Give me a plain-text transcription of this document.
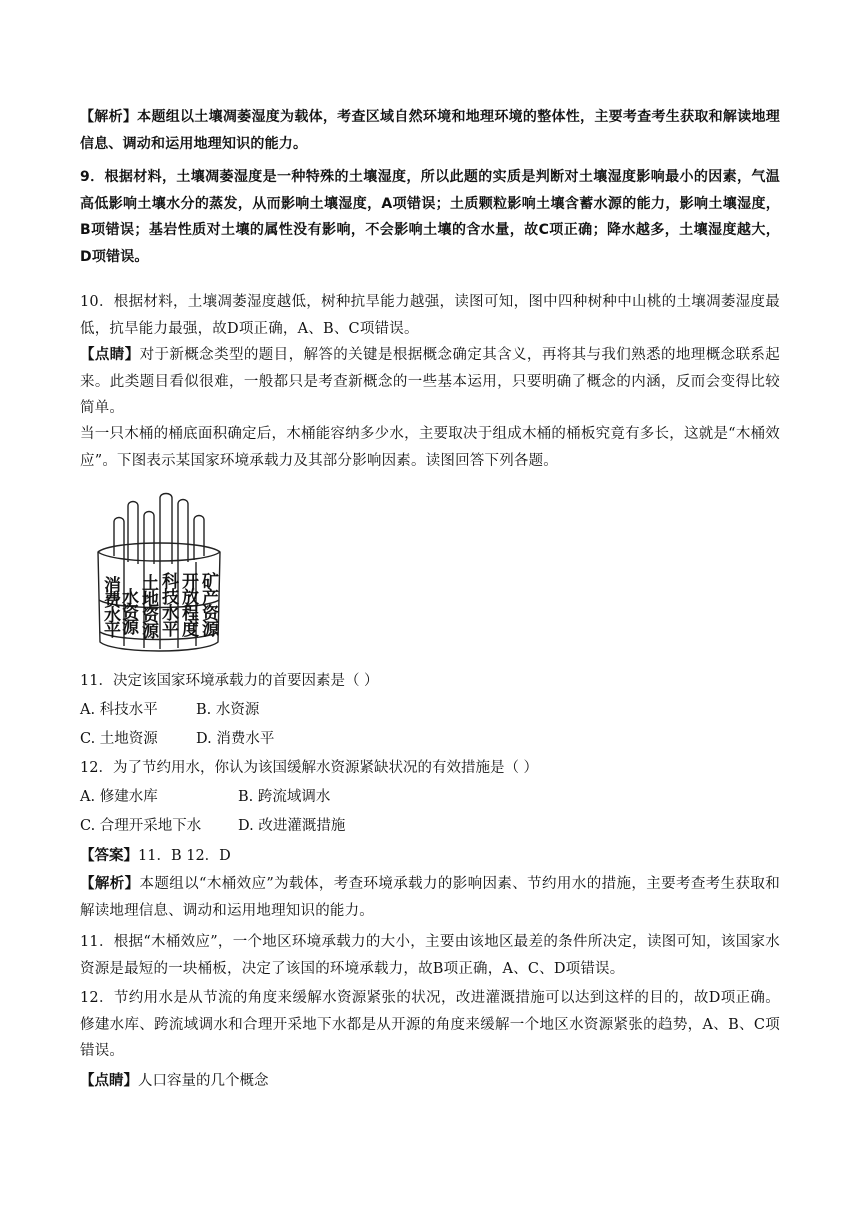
【解析】本题组以土壤凋萎湿度为载体，考查区域自然环境和地理环境的整体性，主要考查考生获取和解读地理信息、调动和运用地理知识的能力。

9．根据材料，土壤凋萎湿度是一种特殊的土壤湿度，所以此题的实质是判断对土壤湿度影响最小的因素，气温高低影响土壤水分的蒸发，从而影响土壤湿度，A项错误；土质颗粒影响土壤含蓄水源的能力，影响土壤湿度，B项错误；基岩性质对土壤的属性没有影响，不会影响土壤的含水量，故C项正确；降水越多，土壤湿度越大，D项错误。

10．根据材料，土壤凋萎湿度越低，树种抗旱能力越强，读图可知，图中四种树种中山桃的土壤凋萎湿度最低，抗旱能力最强，故D项正确，A、B、C项错误。

【点睛】对于新概念类型的题目，解答的关键是根据概念确定其含义，再将其与我们熟悉的地理概念联系起来。此类题目看似很难，一般都只是考查新概念的一些基本运用，只要明确了概念的内涵，反而会变得比较简单。

当一只木桶的桶底面积确定后，木桶能容纳多少水，主要取决于组成木桶的桶板究竟有多长，这就是“木桶效应”。下图表示某国家环境承载力及其部分影响因素。读图回答下列各题。

消费水平
水资源 土地资源 科技水平 开放程度 矿产资源
11．决定该国家环境承载力的首要因素是（ ）
A. 科技水平	B. 水资源
C. 土地资源	D. 消费水平
12．为了节约用水，你认为该国缓解水资源紧缺状况的有效措施是（ ）
A. 修建水库	B. 跨流域调水
C. 合理开采地下水	D. 改进灌溉措施
【答案】11．B 12．D

【解析】本题组以“木桶效应”为载体，考查环境承载力的影响因素、节约用水的措施，主要考查考生获取和解读地理信息、调动和运用地理知识的能力。

11．根据“木桶效应”，一个地区环境承载力的大小，主要由该地区最差的条件所决定，读图可知，该国家水资源是最短的一块桶板，决定了该国的环境承载力，故B项正确，A、C、D项错误。

12．节约用水是从节流的角度来缓解水资源紧张的状况，改进灌溉措施可以达到这样的目的，故D项正确。修建水库、跨流域调水和合理开采地下水都是从开源的角度来缓解一个地区水资源紧张的趋势，A、B、C项错误。

【点睛】人口容量的几个概念
